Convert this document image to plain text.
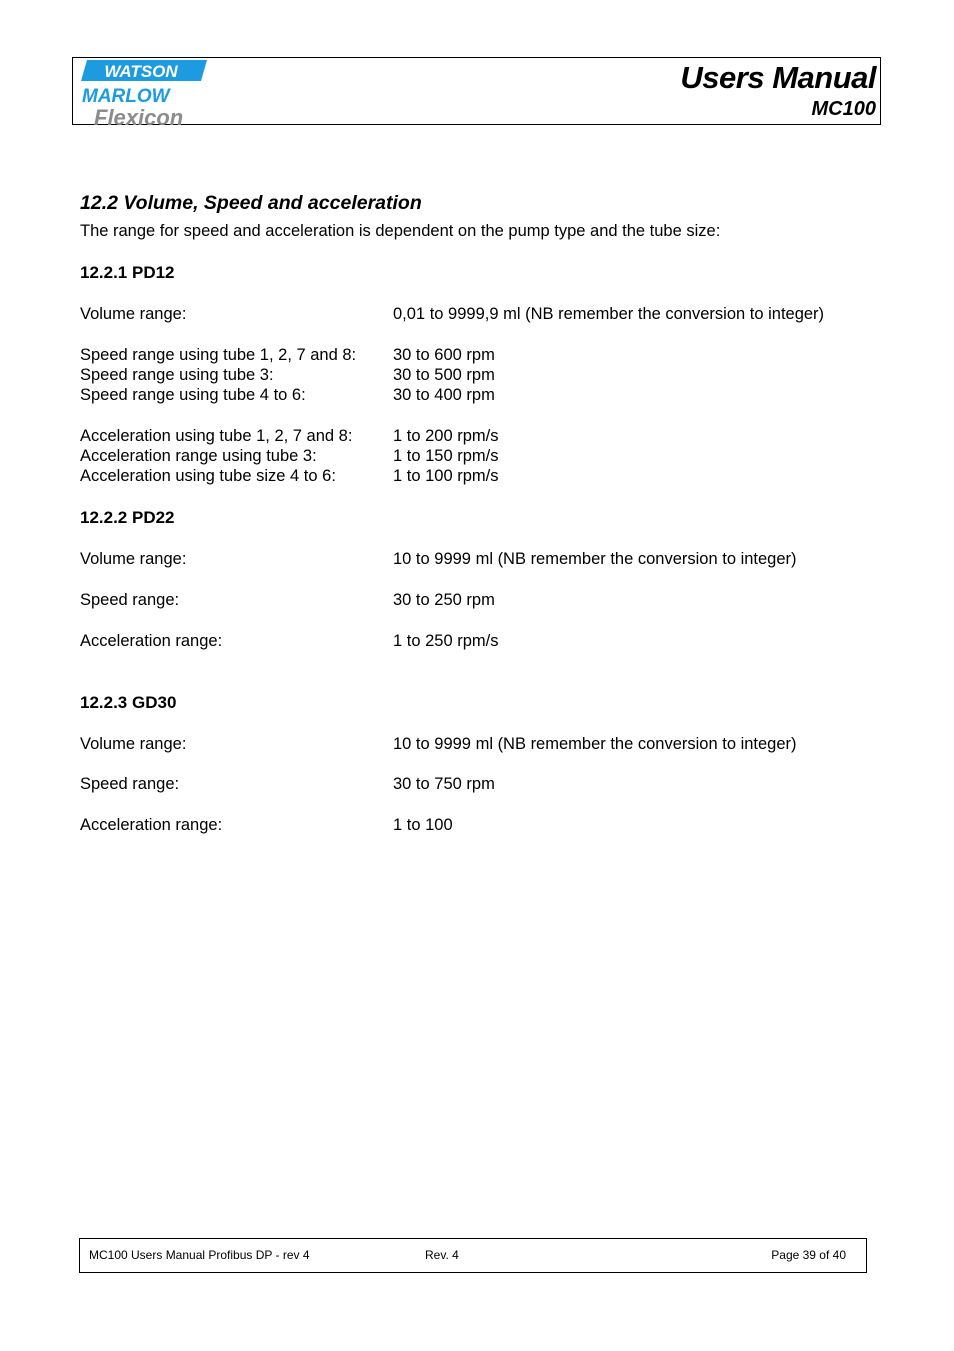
WATSON
MARLOW
Flexicon
Users Manual
MC100
12.2 Volume, Speed and acceleration
The range for speed and acceleration is dependent on the pump type and the tube size:
12.2.1 PD12
Volume range:	0,01 to 9999,9 ml (NB remember the conversion to integer)
Speed range using tube 1, 2, 7 and 8: 30 to 600 rpm
Speed range using tube 3:	30 to 500 rpm
Speed range using tube 4 to 6:	30 to 400 rpm
Acceleration using tube 1, 2, 7 and 8: 1 to 200 rpm/s
Acceleration range using tube 3:	1 to 150 rpm/s
Acceleration using tube size 4 to 6:	1 to 100 rpm/s
12.2.2 PD22
Volume range:	10 to 9999 ml (NB remember the conversion to integer)
Speed range:	30 to 250 rpm
Acceleration range:	1 to 250 rpm/s
12.2.3 GD30
Volume range:	10 to 9999 ml (NB remember the conversion to integer)
Speed range:	30 to 750 rpm
Acceleration range:	1 to 100
MC100 Users Manual Profibus DP - rev 4	Rev. 4	Page 39 of 40
